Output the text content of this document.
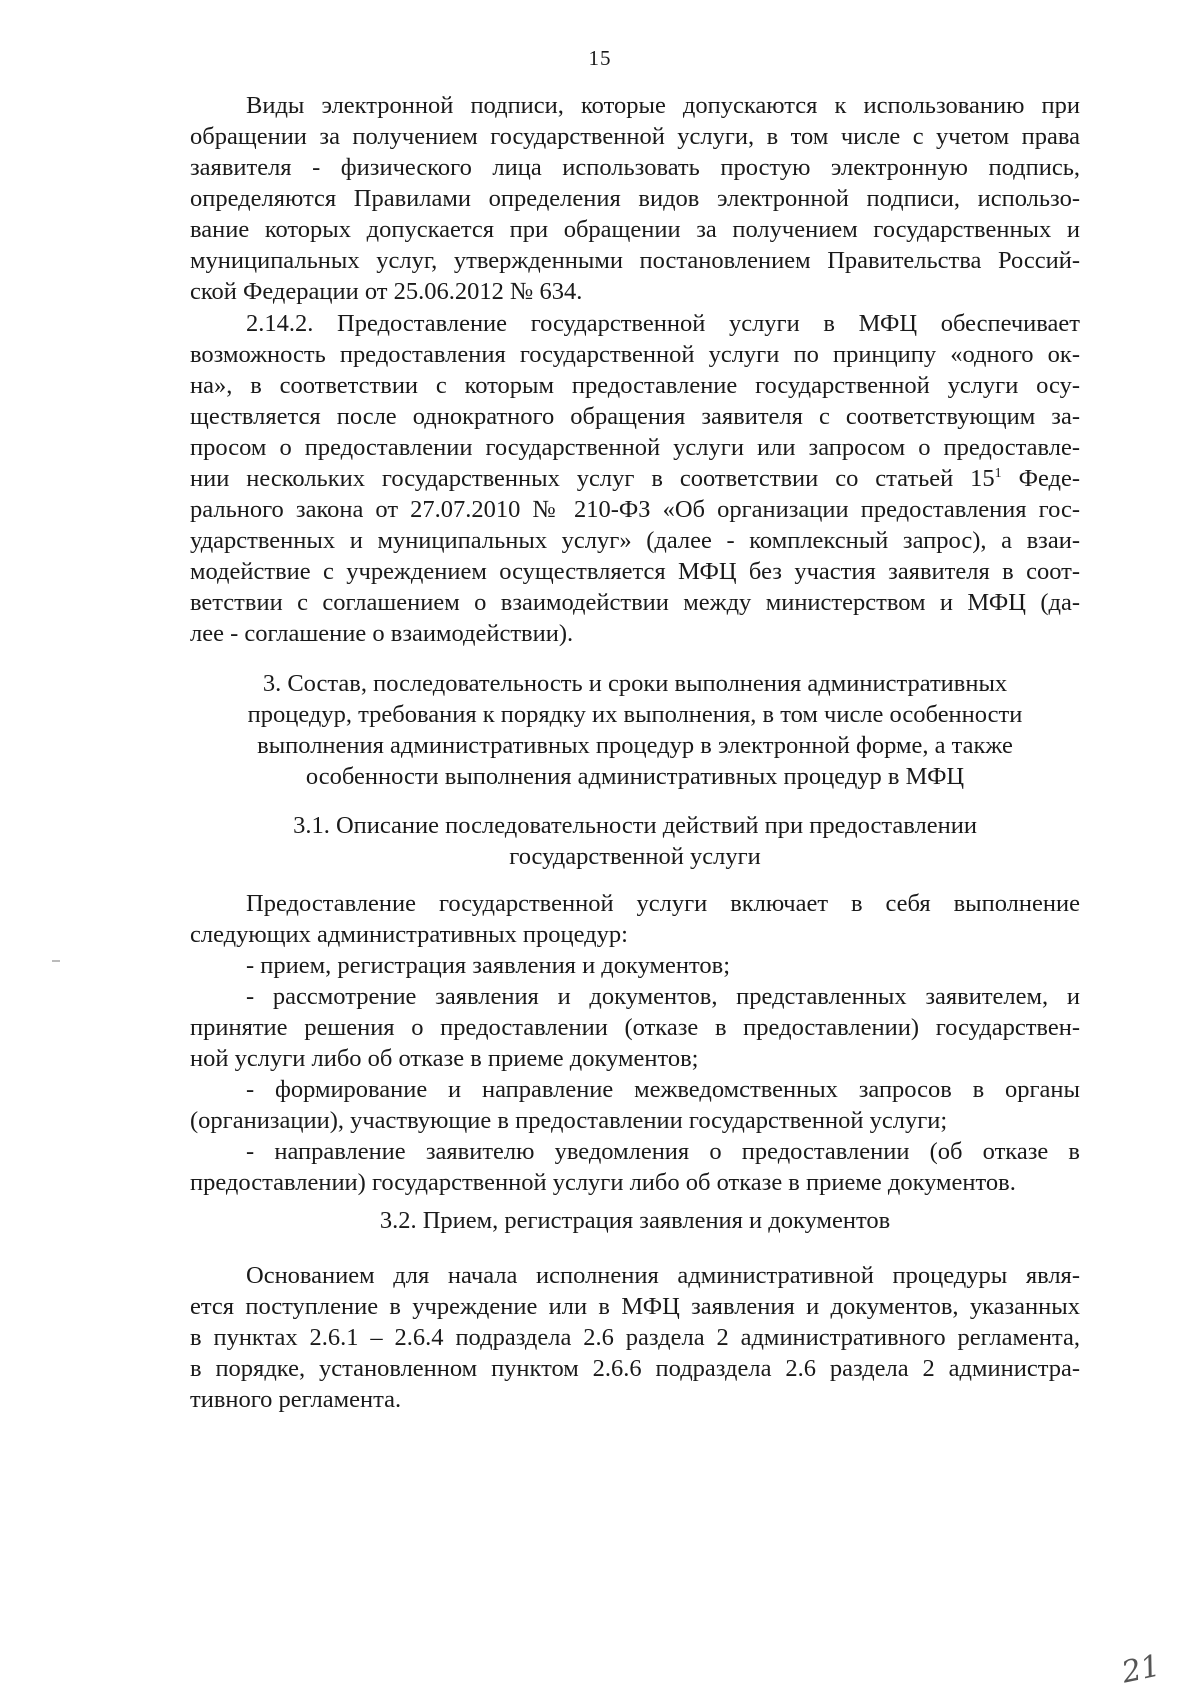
15
Виды электронной подписи, которые допускаются к использованию при
обращении за получением государственной услуги, в том числе с учетом права
заявителя - физического лица использовать простую электронную подпись,
определяются Правилами определения видов электронной подписи, использо-
вание которых допускается при обращении за получением государственных и
муниципальных услуг, утвержденными постановлением Правительства Россий-
ской Федерации от 25.06.2012 № 634.
2.14.2. Предоставление государственной услуги в МФЦ обеспечивает
возможность предоставления государственной услуги по принципу «одного ок-
на», в соответствии с которым предоставление государственной услуги осу-
ществляется после однократного обращения заявителя с соответствующим за-
просом о предоставлении государственной услуги или запросом о предоставле-
нии нескольких государственных услуг в соответствии со статьей $15^1$ Феде-
рального закона от 27.07.2010 № 210-ФЗ «Об организации предоставления гос-
ударственных и муниципальных услуг» (далее - комплексный запрос), а взаи-
модействие с учреждением осуществляется МФЦ без участия заявителя в соот-
ветствии с соглашением о взаимодействии между министерством и МФЦ (да-
лее - соглашение о взаимодействии).
3. Состав, последовательность и сроки выполнения административных
процедур, требования к порядку их выполнения, в том числе особенности
выполнения административных процедур в электронной форме, а также
особенности выполнения административных процедур в МФЦ
3.1. Описание последовательности действий при предоставлении
государственной услуги
Предоставление государственной услуги включает в себя выполнение
следующих административных процедур:
- прием, регистрация заявления и документов;
- рассмотрение заявления и документов, представленных заявителем, и
принятие решения о предоставлении (отказе в предоставлении) государствен-
ной услуги либо об отказе в приеме документов;
- формирование и направление межведомственных запросов в органы
(организации), участвующие в предоставлении государственной услуги;
- направление заявителю уведомления о предоставлении (об отказе в
предоставлении) государственной услуги либо об отказе в приеме документов.
3.2. Прием, регистрация заявления и документов
Основанием для начала исполнения административной процедуры явля-
ется поступление в учреждение или в МФЦ заявления и документов, указанных
в пунктах 2.6.1 – 2.6.4 подраздела 2.6 раздела 2 административного регламента,
в порядке, установленном пунктом 2.6.6 подраздела 2.6 раздела 2 администра-
тивного регламента.
21
